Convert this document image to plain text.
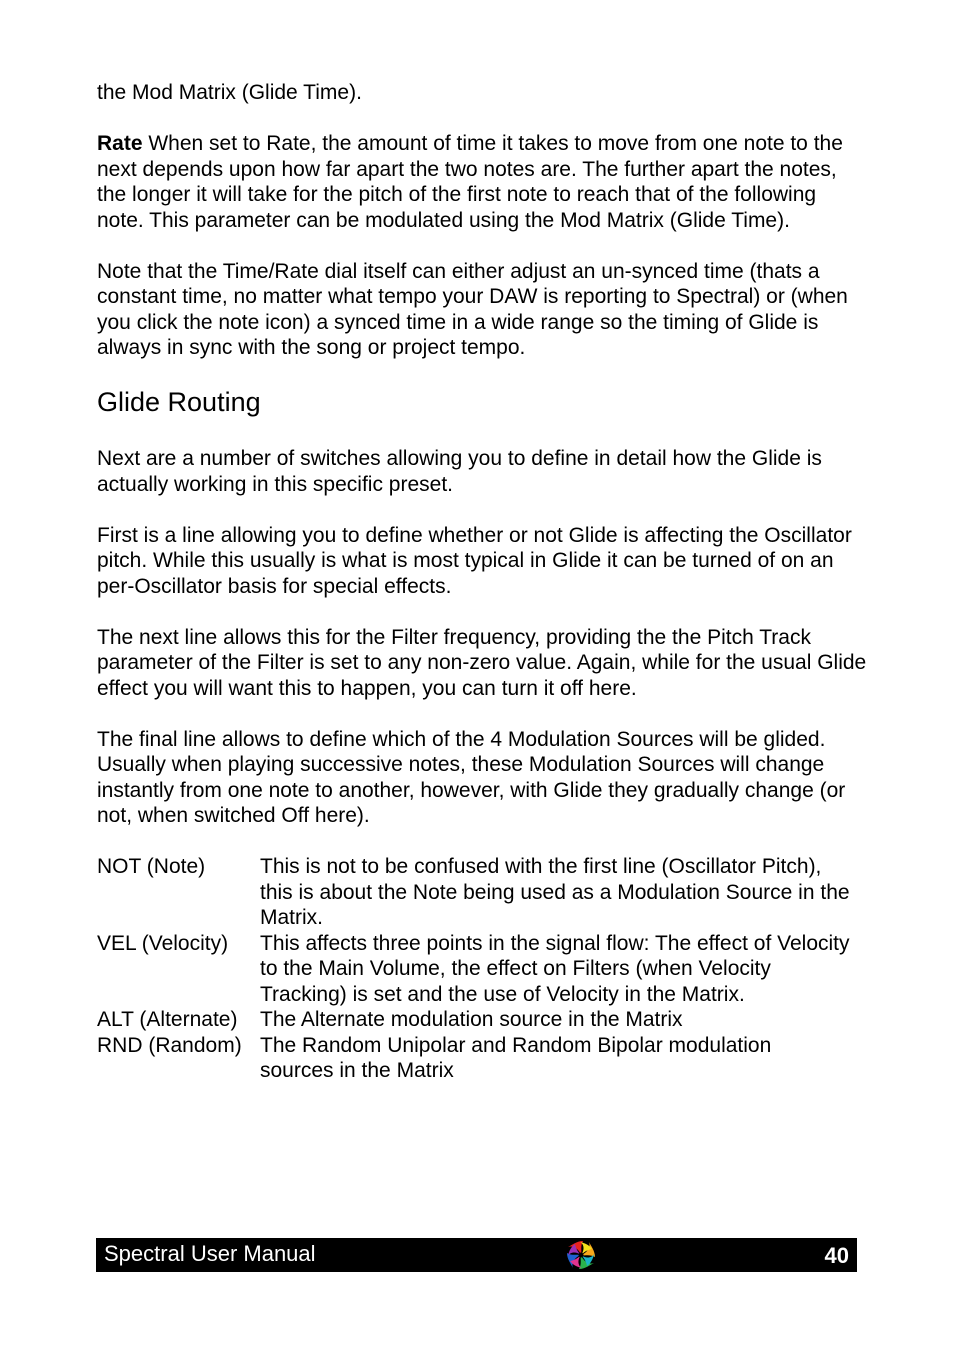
the Mod Matrix (Glide Time).

Rate When set to Rate, the amount of time it takes to move from one note to the next depends upon how far apart the two notes are. The further apart the notes, the longer it will take for the pitch of the first note to reach that of the following note. This parameter can be modulated using the Mod Matrix (Glide Time).

Note that the Time/Rate dial itself can either adjust an un-synced time (thats a constant time, no matter what tempo your DAW is reporting to Spectral) or (when you click the note icon) a synced time in a wide range so the timing of Glide is always in sync with the song or project tempo.

Glide Routing

Next are a number of switches allowing you to define in detail how the Glide is actually working in this specific preset.

First is a line allowing you to define whether or not Glide is affecting the Oscillator pitch. While this usually is what is most typical in Glide it can be turned of on an per-Oscillator basis for special effects.

The next line allows this for the Filter frequency, providing the the Pitch Track parameter of the Filter is set to any non-zero value. Again, while for the usual Glide effect you will want this to happen, you can turn it off here.

The final line allows to define which of the 4 Modulation Sources will be glided. Usually when playing successive notes, these Modulation Sources will change instantly from one note to another, however, with Glide they gradually change (or not, when switched Off here).

NOT (Note)	This is not to be confused with the first line (Oscillator Pitch), this is about the Note being used as a Modulation Source in the Matrix.
VEL (Velocity)	This affects three points in the signal flow: The effect of Velocity to the Main Volume, the effect on Filters (when Velocity Tracking) is set and the use of Velocity in the Matrix.
ALT (Alternate)	The Alternate modulation source in the Matrix
RND (Random)	The Random Unipolar and Random Bipolar modulation sources in the Matrix
Spectral User Manual	40
